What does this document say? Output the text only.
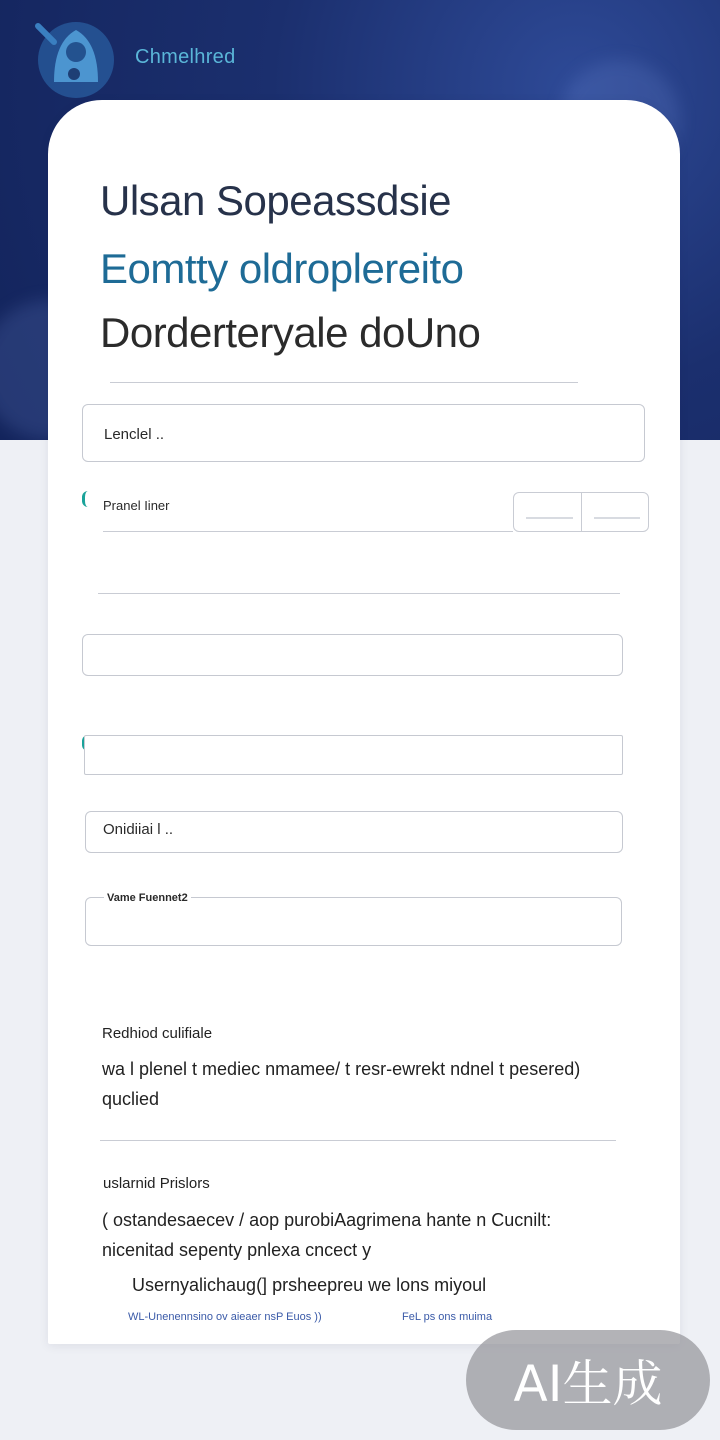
Chmelhred
Ulsan Sopeassdsie
Eomtty oldroplereito
Dorderteryale doUno
Lenclel ..
Pranel Iiner
Onidiiai l ..
Vame Fuennet2
Redhiod culifiale
wa l plenel t mediec nmamee/ t resr-ewrekt ndnel t pesered)
quclied
uslarnid Prislors
( ostandesaecev / aop purobiAagrimena hante n Cucnilt:
nicenitad sepenty pnlexa cncect y
Usernyalichaug(] prsheepreu we lons miyoul
WL-Unenennsino ov aieaer nsP Euos ))	FeL ps ons muima
AI生成
